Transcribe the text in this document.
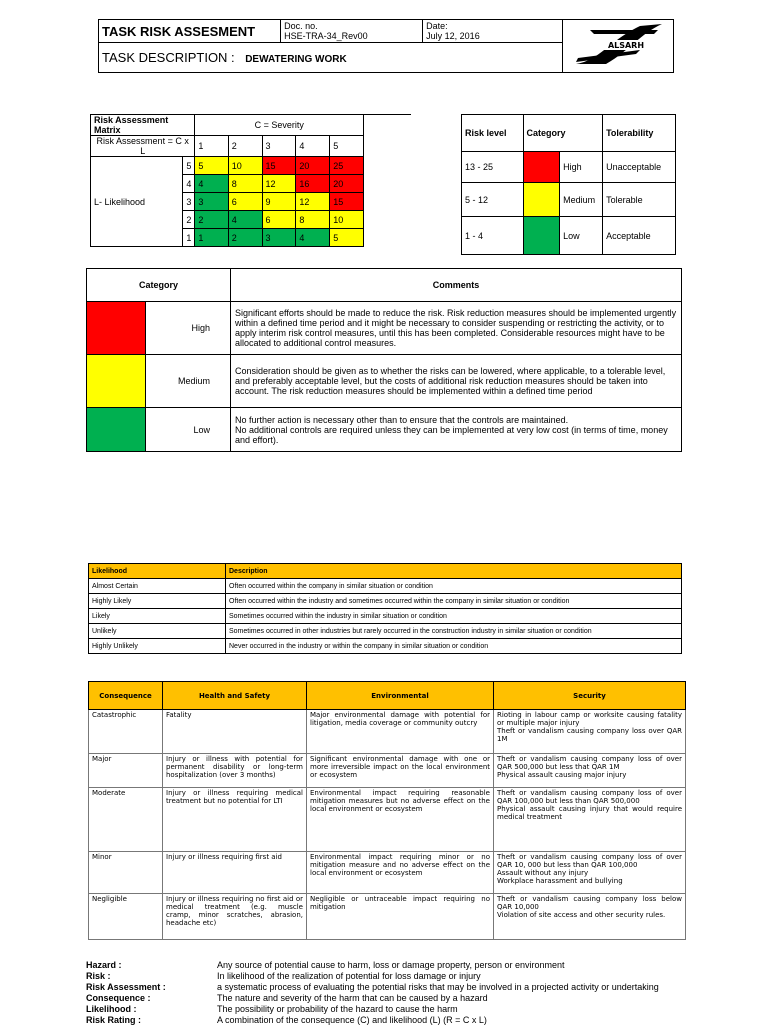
TASK RISK ASSESMENT	Doc. no.
HSE-TRA-34_Rev00

Date:
July 12, 2016

ALSARH

TASK DESCRIPTION : DEWATERING WORK
Risk Assessment Matrix		C = Severity					
Risk Assessment = C x L		1	2	3	4	5	
L- Likelihood	5	5	10	15	20	25	
	4	4	8	12	16	20	
	3	3	6	9	12	15	
	2	2	4	6	8	10	
	1	1	2	3	4	5	
Risk level	Category		Tolerability
13 - 25		High	Unacceptable
5 - 12		Medium	Tolerable
1 - 4		Low	Acceptable
Category		Comments
	High	Significant efforts should be made to reduce the risk. Risk reduction measures should be implemented urgently within a defined time period and it might be necessary to consider suspending or restricting the activity, or to apply interim risk control measures, until this has been completed. Considerable resources might have to be allocated to additional control measures.
	Medium	Consideration should be given as to whether the risks can be lowered, where applicable, to a tolerable level, and preferably acceptable level, but the costs of additional risk reduction measures should be taken into account. The risk reduction measures should be implemented within a defined time period
	Low	No further action is necessary other than to ensure that the controls are maintained.
No additional controls are required unless they can be implemented at very low cost (in terms of time, money and effort).
Likelihood	Description
Almost Certain	Often occurred within the company in similar situation or condition
Highly Likely	Often occurred within the industry and sometimes occurred within the company in similar situation or condition
Likely	Sometimes occurred within the industry in similar situation or condition
Unlikely	Sometimes occurred in other industries but rarely occurred in the construction industry in similar situation or condition
Highly Unlikely	Never occurred in the industry or within the company in similar situation or condition
Consequence	Health and Safety	Environmental	Security
Catastrophic	Fatality	Major environmental damage with potential for litigation, media coverage or community outcry	Rioting in labour camp or worksite causing fatality or multiple major injury
Theft or vandalism causing company loss over QAR 1M
Major	Injury or illness with potential for permanent disability or long-term hospitalization (over 3 months)	Significant environmental damage with one or more irreversible impact on the local environment or ecosystem	Theft or vandalism causing company loss of over QAR 500,000 but less that QAR 1M
Physical assault causing major injury
Moderate	Injury or illness requiring medical treatment but no potential for LTI	Environmental impact requiring reasonable mitigation measures but no adverse effect on the local environment or ecosystem	Theft or vandalism causing company loss of over QAR 100,000 but less than QAR 500,000
Physical assault causing injury that would require medical treatment
Minor	Injury or illness requiring first aid	Environmental impact requiring minor or no mitigation measure and no adverse effect on the local environment or ecosystem	Theft or vandalism causing company loss of over QAR 10, 000 but less than QAR 100,000
Assault without any injury
Workplace harassment and bullying
Negligible	Injury or illness requiring no first aid or medical treatment (e.g. muscle cramp, minor scratches, abrasion, headache etc)	Negligible or untraceable impact requiring no mitigation	Theft or vandalism causing company loss below QAR 10,000
Violation of site access and other security rules.
Hazard :	Any source of potential cause to harm, loss or damage property, person or environment
Risk :	In likelihood of the realization of potential for loss damage or injury
Risk Assessment :	a systematic process of evaluating the potential risks that may be involved in a projected activity or undertaking
Consequence :	The nature and severity of the harm that can be caused by a hazard
Likelihood :	The possibility or probability of the hazard to cause the harm
Risk Rating :	A combination of the consequence (C) and likelihood (L) (R = C x L)
